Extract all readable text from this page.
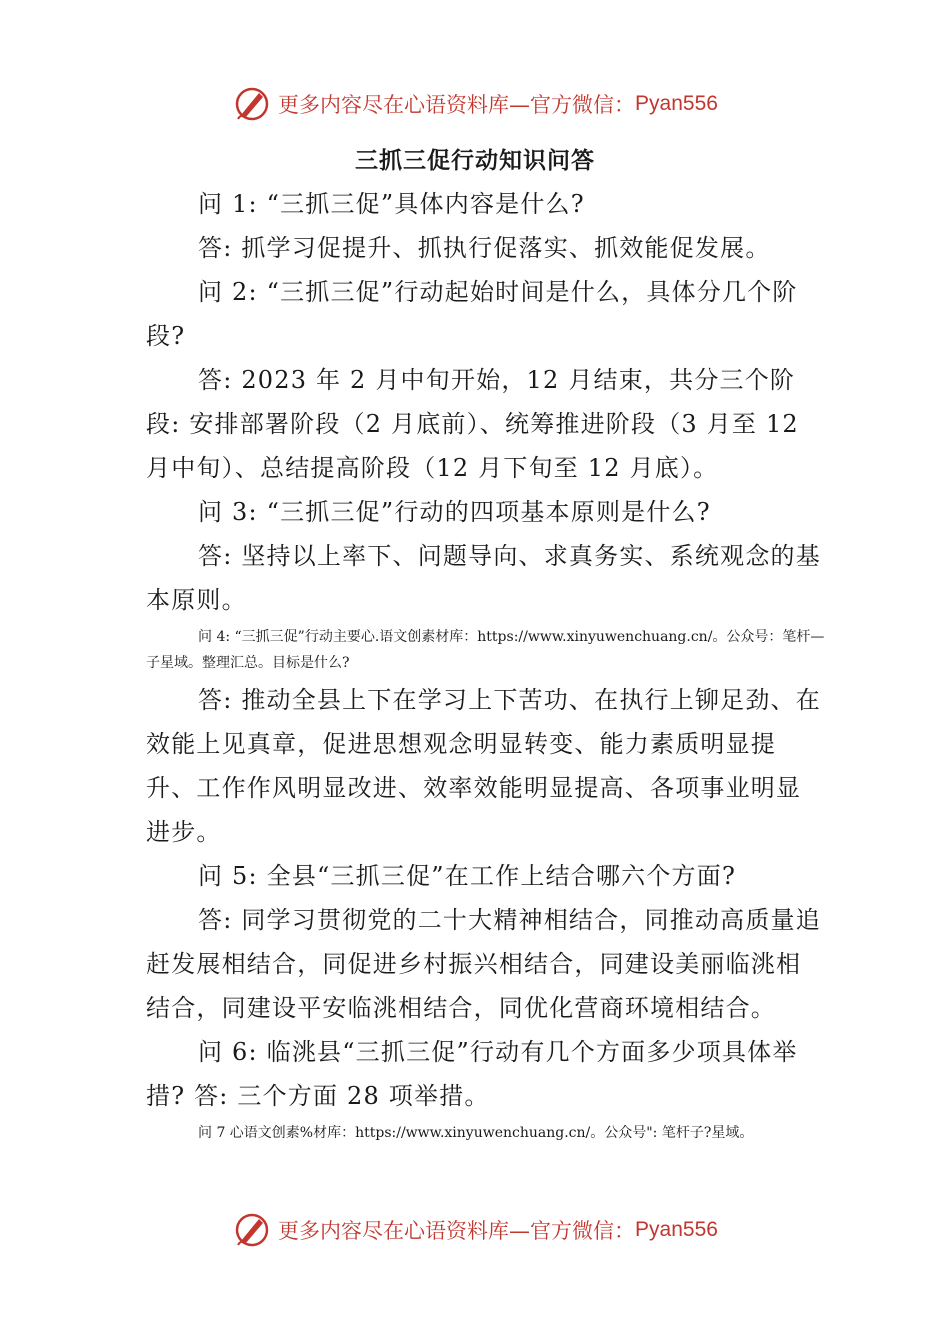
更多内容尽在心语资料库—官方微信： Pyan556
三抓三促行动知识问答

问 1: “三抓三促”具体内容是什么?

答: 抓学习促提升、抓执行促落实、抓效能促发展。

问 2: “三抓三促”行动起始时间是什么，具体分几个阶段?

答: 2023 年 2 月中旬开始，12 月结束，共分三个阶段: 安排部署阶段（2 月底前）、统筹推进阶段（3 月至 12 月中旬）、总结提高阶段（12 月下旬至 12 月底）。

问 3: “三抓三促”行动的四项基本原则是什么?

答: 坚持以上率下、问题导向、求真务实、系统观念的基本原则。

问 4: “三抓三促”行动主要心.语文创素材库：https://www.xinyuwenchuang.cn/。公众号：笔杆—子星域。整理汇总。目标是什么?

答: 推动全县上下在学习上下苦功、在执行上铆足劲、在效能上见真章，促进思想观念明显转变、能力素质明显提升、工作作风明显改进、效率效能明显提高、各项事业明显进步。

问 5: 全县“三抓三促”在工作上结合哪六个方面?

答: 同学习贯彻党的二十大精神相结合，同推动高质量追赶发展相结合，同促进乡村振兴相结合，同建设美丽临洮相结合，同建设平安临洮相结合，同优化营商环境相结合。

问 6: 临洮县“三抓三促”行动有几个方面多少项具体举措? 答: 三个方面 28 项举措。

问 7 心语文创素%材库：https://www.xinyuwenchuang.cn/。公众号": 笔杆子?星域。

更多内容尽在心语资料库—官方微信： Pyan556
